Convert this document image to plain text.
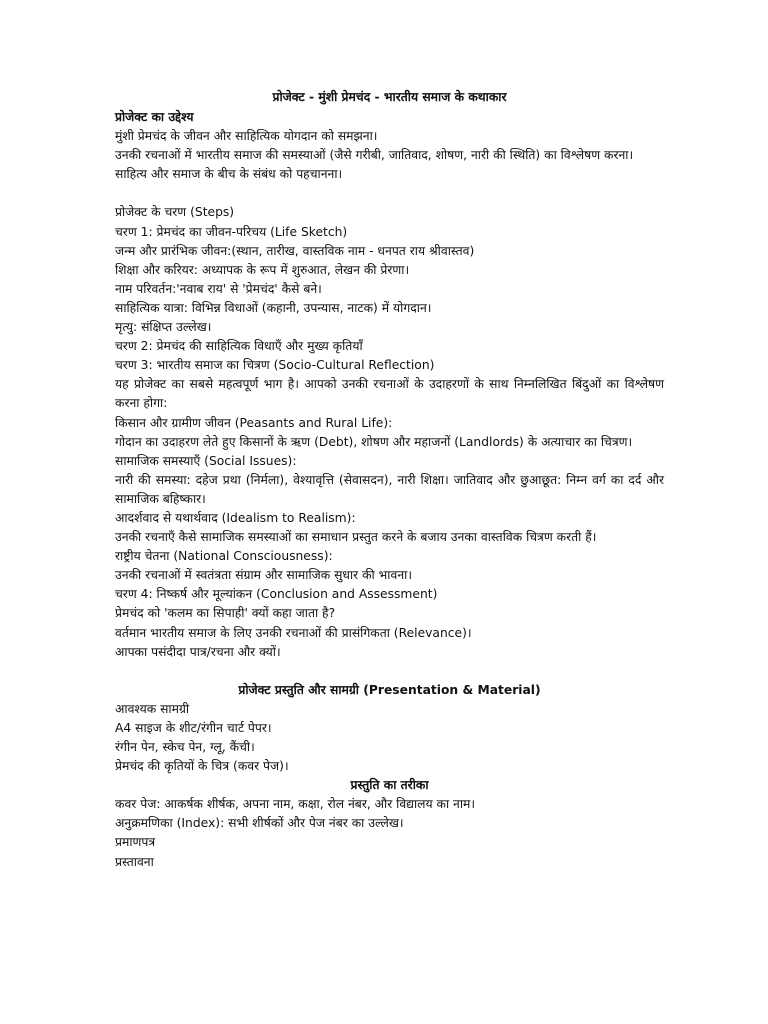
प्रोजेक्ट - मुंशी प्रेमचंद - भारतीय समाज के कथाकार

प्रोजेक्ट का उद्देश्य

मुंशी प्रेमचंद के जीवन और साहित्यिक योगदान को समझना।

उनकी रचनाओं में भारतीय समाज की समस्याओं (जैसे गरीबी, जातिवाद, शोषण, नारी की स्थिति) का विश्लेषण करना।

साहित्य और समाज के बीच के संबंध को पहचानना।

प्रोजेक्ट के चरण (Steps)

चरण 1: प्रेमचंद का जीवन-परिचय (Life Sketch)

जन्म और प्रारंभिक जीवन:(स्थान, तारीख, वास्तविक नाम - धनपत राय श्रीवास्तव)

शिक्षा और करियर: अध्यापक के रूप में शुरुआत, लेखन की प्रेरणा।

नाम परिवर्तन:'नवाब राय' से 'प्रेमचंद' कैसे बने।

साहित्यिक यात्रा: विभिन्न विधाओं (कहानी, उपन्यास, नाटक) में योगदान।

मृत्यु: संक्षिप्त उल्लेख।

चरण 2: प्रेमचंद की साहित्यिक विधाएँ और मुख्य कृतियाँ

चरण 3: भारतीय समाज का चित्रण (Socio-Cultural Reflection)

यह प्रोजेक्ट का सबसे महत्वपूर्ण भाग है। आपको उनकी रचनाओं के उदाहरणों के साथ निम्नलिखित बिंदुओं का विश्लेषण करना होगा:

किसान और ग्रामीण जीवन (Peasants and Rural Life):

गोदान का उदाहरण लेते हुए किसानों के ऋण (Debt), शोषण और महाजनों (Landlords) के अत्याचार का चित्रण।

सामाजिक समस्याएँ (Social Issues):

नारी की समस्या: दहेज प्रथा (निर्मला), वेश्यावृत्ति (सेवासदन), नारी शिक्षा। जातिवाद और छुआछूत: निम्न वर्ग का दर्द और सामाजिक बहिष्कार।

आदर्शवाद से यथार्थवाद (Idealism to Realism):

उनकी रचनाएँ कैसे सामाजिक समस्याओं का समाधान प्रस्तुत करने के बजाय उनका वास्तविक चित्रण करती हैं।

राष्ट्रीय चेतना (National Consciousness):

उनकी रचनाओं में स्वतंत्रता संग्राम और सामाजिक सुधार की भावना।

चरण 4: निष्कर्ष और मूल्यांकन (Conclusion and Assessment)

प्रेमचंद को 'कलम का सिपाही' क्यों कहा जाता है?

वर्तमान भारतीय समाज के लिए उनकी रचनाओं की प्रासंगिकता (Relevance)।

आपका पसंदीदा पात्र/रचना और क्यों।

प्रोजेक्ट प्रस्तुति और सामग्री (Presentation & Material)

आवश्यक सामग्री

A4 साइज के शीट/रंगीन चार्ट पेपर।

रंगीन पेन, स्केच पेन, ग्लू, कैंची।

प्रेमचंद की कृतियों के चित्र (कवर पेज)।

प्रस्तुति का तरीका

कवर पेज: आकर्षक शीर्षक, अपना नाम, कक्षा, रोल नंबर, और विद्यालय का नाम।

अनुक्रमणिका (Index): सभी शीर्षकों और पेज नंबर का उल्लेख।

प्रमाणपत्र

प्रस्तावना
